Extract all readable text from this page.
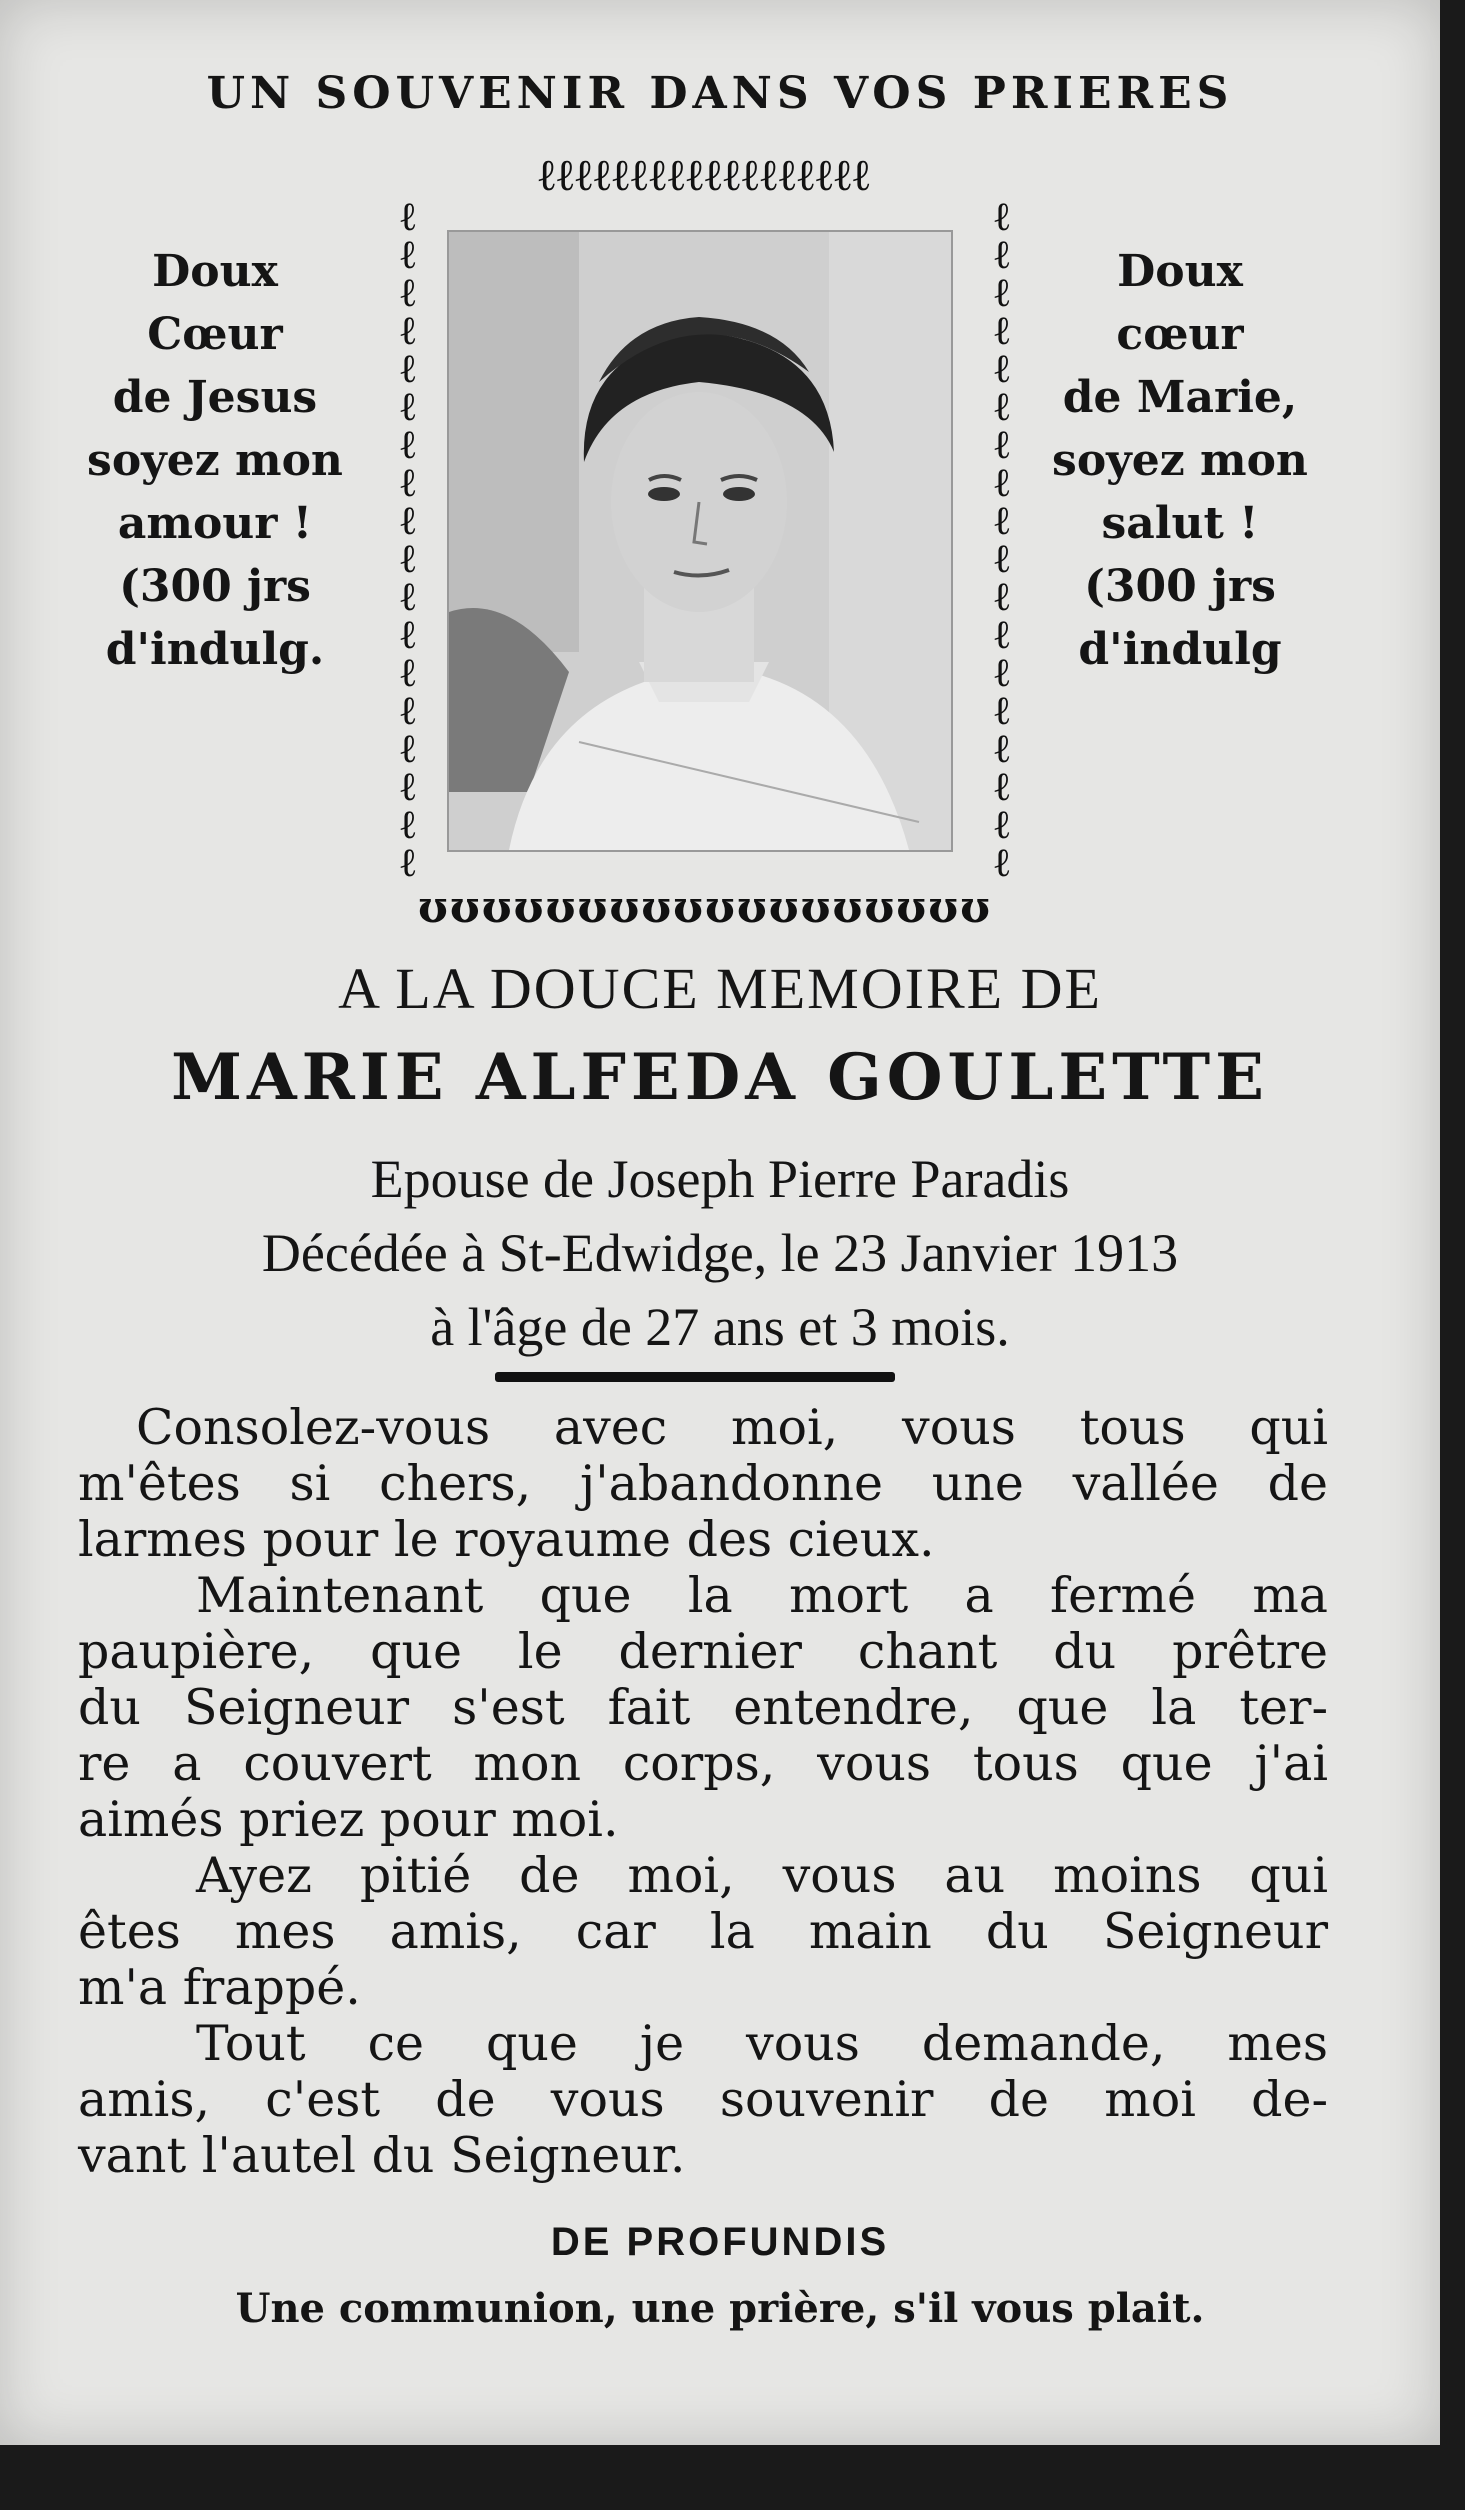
UN SOUVENIR DANS VOS PRIERES
Doux
Cœur
de Jesus
soyez mon
amour !
(300 jrs
d'indulg.
Doux
cœur
de Marie,
soyez mon
salut !
(300 jrs
d'indulg
ℓℓℓℓℓℓℓℓℓℓℓℓℓℓℓℓℓℓ
ℓ
ℓ
ℓ
ℓ
ℓ
ℓ
ℓ
ℓ
ℓ
ℓ
ℓ
ℓ
ℓ
ℓ
ℓ
ℓ
ℓ
ℓ
ℓ
ℓ
ℓ
ℓ
ℓ
ℓ
ℓ
ℓ
ℓ
ℓ
ℓ
ℓ
ℓ
ℓ
ℓ
ℓ
ℓ
ℓ
ʊʊʊʊʊʊʊʊʊʊʊʊʊʊʊʊʊʊ
A LA DOUCE MEMOIRE DE
MARIE ALFEDA GOULETTE
Epouse de Joseph Pierre Paradis
Décédée à St-Edwidge, le 23 Janvier 1913
à l'âge de 27 ans et 3 mois.

Consolez-vous avec moi, vous tous qui
m'êtes si chers, j'abandonne une vallée de
larmes pour le royaume des cieux.

Maintenant que la mort a fermé ma
paupière, que le dernier chant du prêtre
du Seigneur s'est fait entendre, que la ter-
re a couvert mon corps, vous tous que j'ai
aimés priez pour moi.

Ayez pitié de moi, vous au moins qui
êtes mes amis, car la main du Seigneur
m'a frappé.

Tout ce que je vous demande, mes
amis, c'est de vous souvenir de moi de-
vant l'autel du Seigneur.

DE PROFUNDIS
Une communion, une prière, s'il vous plait.
